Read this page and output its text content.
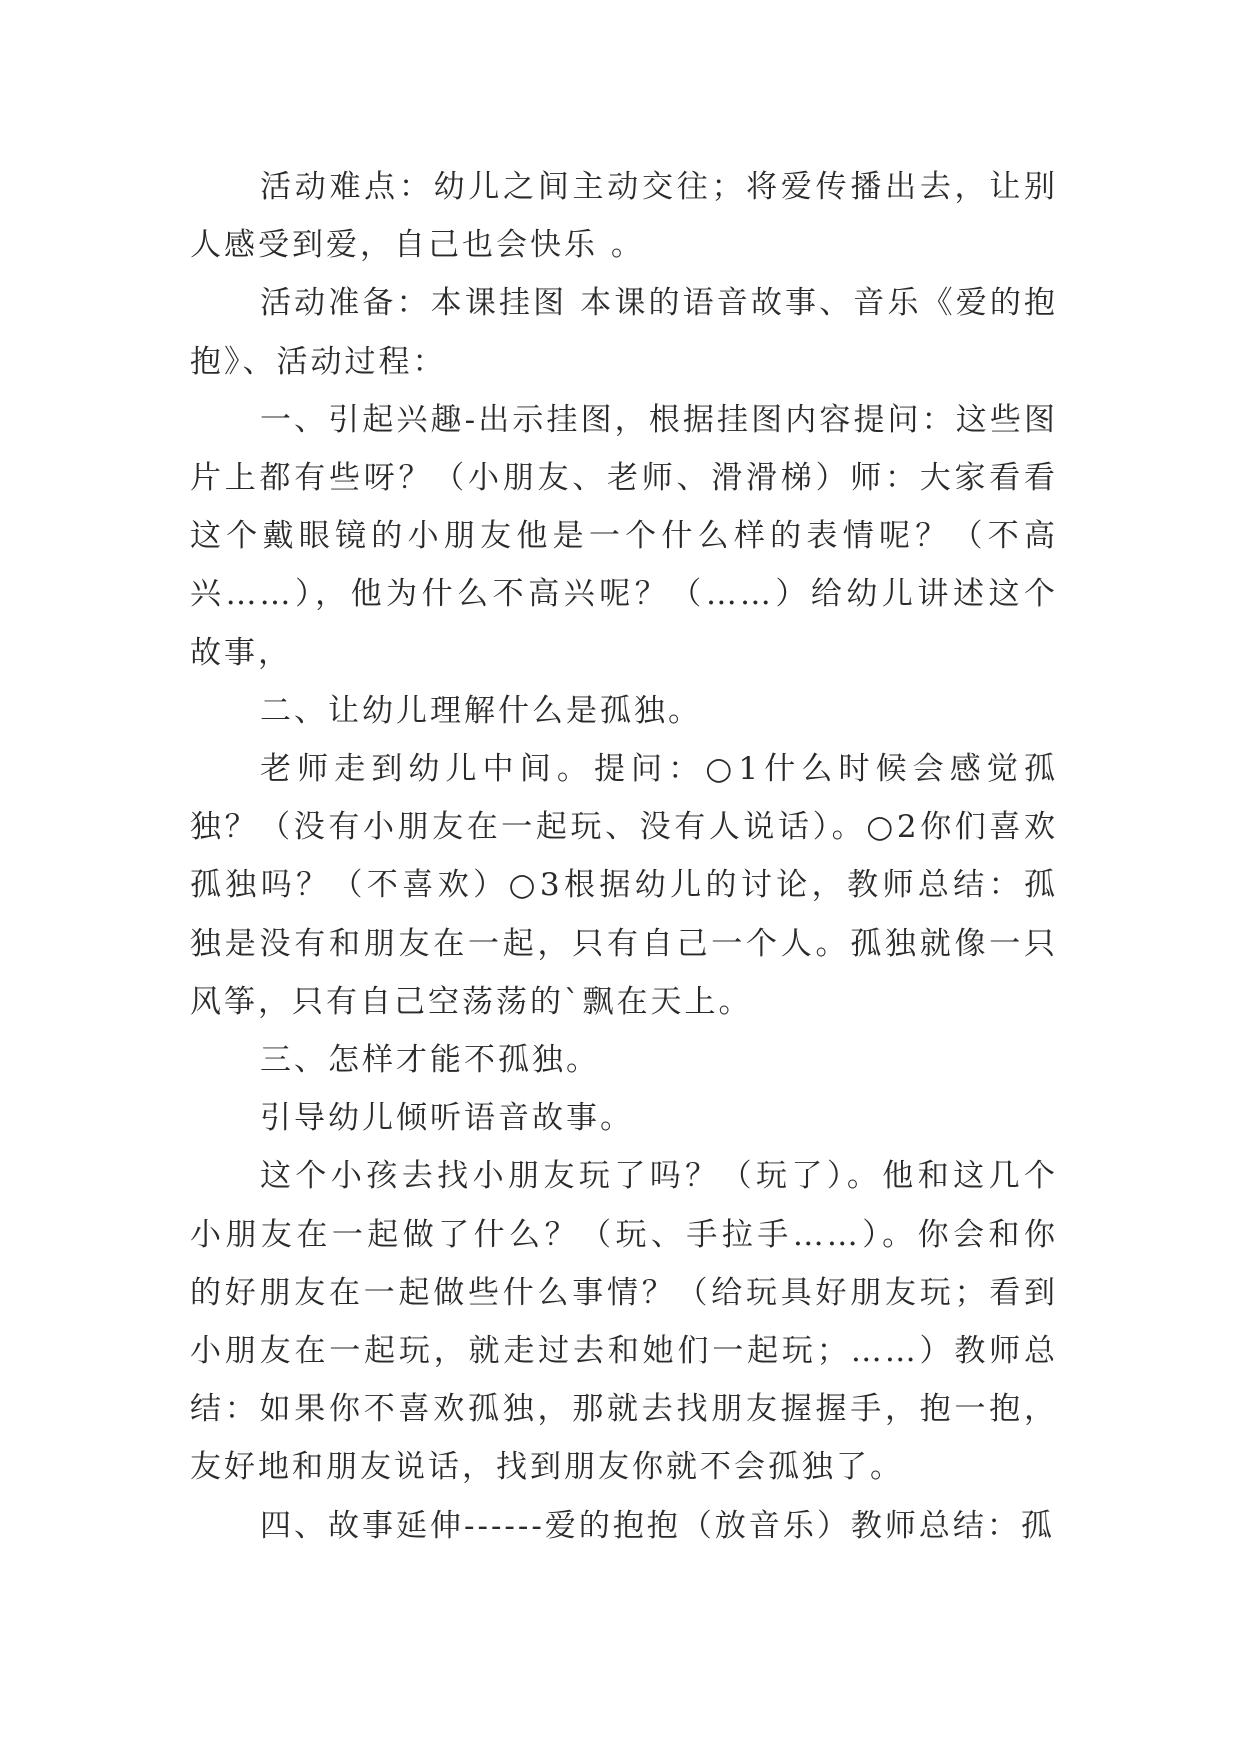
活动难点：幼儿之间主动交往；将爱传播出去，让别人感受到爱，自己也会快乐 。

活动准备：本课挂图 本课的语音故事、音乐《爱的抱抱》、活动过程：

一、引起兴趣-出示挂图，根据挂图内容提问：这些图片上都有些呀？（小朋友、老师、滑滑梯）师：大家看看这个戴眼镜的小朋友他是一个什么样的表情呢？（不高兴……），他为什么不高兴呢？（……）给幼儿讲述这个故事，

二、让幼儿理解什么是孤独。

老师走到幼儿中间。提问：○1什么时候会感觉孤独？（没有小朋友在一起玩、没有人说话）。○2你们喜欢孤独吗？（不喜欢）○3根据幼儿的讨论，教师总结：孤独是没有和朋友在一起，只有自己一个人。孤独就像一只风筝，只有自己空荡荡的`飘在天上。

三、怎样才能不孤独。

引导幼儿倾听语音故事。

这个小孩去找小朋友玩了吗？（玩了）。他和这几个小朋友在一起做了什么？（玩、手拉手……）。你会和你的好朋友在一起做些什么事情？（给玩具好朋友玩；看到小朋友在一起玩，就走过去和她们一起玩；……）教师总结：如果你不喜欢孤独，那就去找朋友握握手，抱一抱，友好地和朋友说话，找到朋友你就不会孤独了。

四、故事延伸------爱的抱抱（放音乐）教师总结：孤
